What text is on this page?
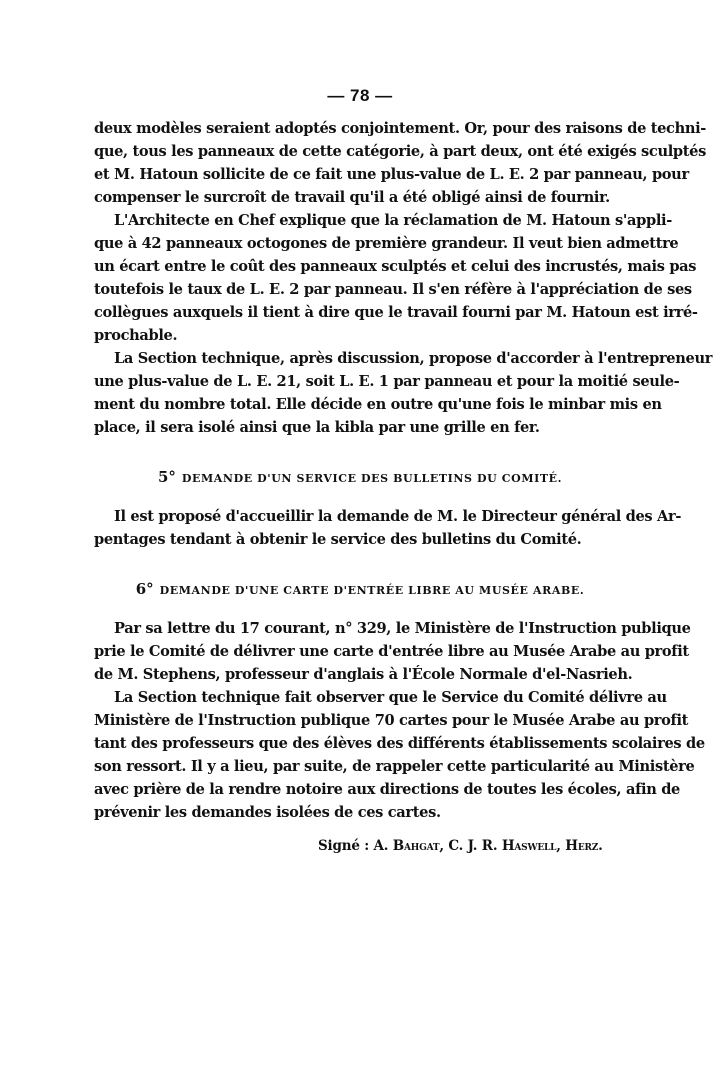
— 78 —
deux modèles seraient adoptés conjointement. Or, pour des raisons de techni-
que, tous les panneaux de cette catégorie, à part deux, ont été exigés sculptés
et M. Hatoun sollicite de ce fait une plus-value de L. E. 2 par panneau, pour
compenser le surcroît de travail qu'il a été obligé ainsi de fournir.
L'Architecte en Chef explique que la réclamation de M. Hatoun s'appli-
que à 42 panneaux octogones de première grandeur. Il veut bien admettre
un écart entre le coût des panneaux sculptés et celui des incrustés, mais pas
toutefois le taux de L. E. 2 par panneau. Il s'en réfère à l'appréciation de ses
collègues auxquels il tient à dire que le travail fourni par M. Hatoun est irré-
prochable.
La Section technique, après discussion, propose d'accorder à l'entrepreneur
une plus-value de L. E. 21, soit L. E. 1 par panneau et pour la moitié seule-
ment du nombre total. Elle décide en outre qu'une fois le minbar mis en
place, il sera isolé ainsi que la kibla par une grille en fer.
5° DEMANDE D'UN SERVICE DES BULLETINS DU COMITÉ.
Il est proposé d'accueillir la demande de M. le Directeur général des Ar-
pentages tendant à obtenir le service des bulletins du Comité.
6° DEMANDE D'UNE CARTE D'ENTRÉE LIBRE AU MUSÉE ARABE.
Par sa lettre du 17 courant, n° 329, le Ministère de l'Instruction publique
prie le Comité de délivrer une carte d'entrée libre au Musée Arabe au profit
de M. Stephens, professeur d'anglais à l'École Normale d'el-Nasrieh.
La Section technique fait observer que le Service du Comité délivre au
Ministère de l'Instruction publique 70 cartes pour le Musée Arabe au profit
tant des professeurs que des élèves des différents établissements scolaires de
son ressort. Il y a lieu, par suite, de rappeler cette particularité au Ministère
avec prière de la rendre notoire aux directions de toutes les écoles, afin de
prévenir les demandes isolées de ces cartes.
Signé : A. Bahgat, C. J. R. Haswell, Herz.
